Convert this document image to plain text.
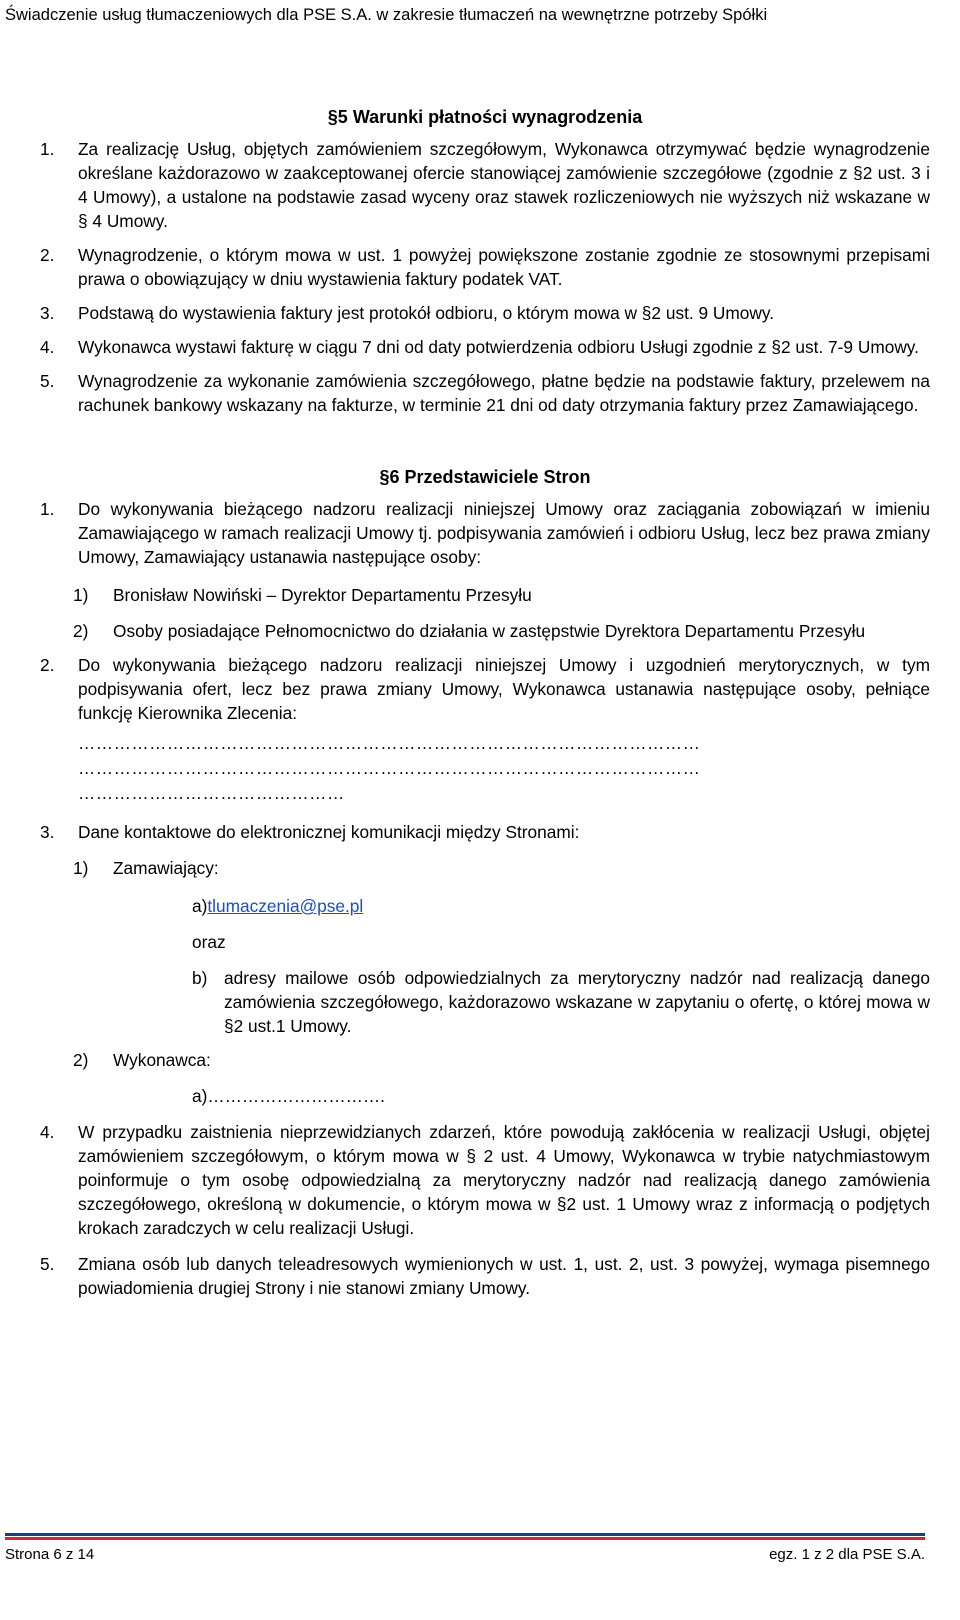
Świadczenie usług tłumaczeniowych dla PSE S.A. w zakresie tłumaczeń na wewnętrzne potrzeby Spółki
§5 Warunki płatności wynagrodzenia
1.	Za realizację Usług, objętych zamówieniem szczegółowym, Wykonawca otrzymywać będzie wynagrodzenie określane każdorazowo w zaakceptowanej ofercie stanowiącej zamówienie szczegółowe (zgodnie z §2 ust. 3 i 4 Umowy), a ustalone na podstawie zasad wyceny oraz stawek rozliczeniowych nie wyższych niż wskazane w § 4 Umowy.
2.	Wynagrodzenie, o którym mowa w ust. 1 powyżej powiększone zostanie zgodnie ze stosownymi przepisami prawa o obowiązujący w dniu wystawienia faktury podatek VAT.
3.	Podstawą do wystawienia faktury jest protokół odbioru, o którym mowa w §2 ust. 9 Umowy.
4.	Wykonawca wystawi fakturę w ciągu 7 dni od daty potwierdzenia odbioru Usługi zgodnie z §2 ust. 7-9 Umowy.
5.	Wynagrodzenie za wykonanie zamówienia szczegółowego, płatne będzie na podstawie faktury, przelewem na rachunek bankowy wskazany na fakturze, w terminie 21 dni od daty otrzymania faktury przez Zamawiającego.
§6 Przedstawiciele Stron
1.	Do wykonywania bieżącego nadzoru realizacji niniejszej Umowy oraz zaciągania zobowiązań w imieniu Zamawiającego w ramach realizacji Umowy tj. podpisywania zamówień i odbioru Usług, lecz bez prawa zmiany Umowy, Zamawiający ustanawia następujące osoby:
1)	Bronisław Nowiński – Dyrektor Departamentu Przesyłu
2)	Osoby posiadające Pełnomocnictwo do działania w zastępstwie Dyrektora Departamentu Przesyłu
2.	Do wykonywania bieżącego nadzoru realizacji niniejszej Umowy i uzgodnień merytorycznych, w tym podpisywania ofert, lecz bez prawa zmiany Umowy, Wykonawca ustanawia następujące osoby, pełniące funkcję Kierownika Zlecenia:
……………………………………………………………………………………………
……………………………………………………………………………………………
………………………………………
3.	Dane kontaktowe do elektronicznej komunikacji między Stronami:
1)	Zamawiający:
a)tlumaczenia@pse.pl
oraz
b) adresy mailowe osób odpowiedzialnych za merytoryczny nadzór nad realizacją danego zamówienia szczegółowego, każdorazowo wskazane w zapytaniu o ofertę, o której mowa w §2 ust.1 Umowy.
2)	Wykonawca:
a)………………………….
4.	W przypadku zaistnienia nieprzewidzianych zdarzeń, które powodują zakłócenia w realizacji Usługi, objętej zamówieniem szczegółowym, o którym mowa w § 2 ust. 4 Umowy, Wykonawca w trybie natychmiastowym poinformuje o tym osobę odpowiedzialną za merytoryczny nadzór nad realizacją danego zamówienia szczegółowego, określoną w dokumencie, o którym mowa w §2 ust. 1 Umowy wraz z informacją o podjętych krokach zaradczych w celu realizacji Usługi.
5.	Zmiana osób lub danych teleadresowych wymienionych w ust. 1, ust. 2, ust. 3 powyżej, wymaga pisemnego powiadomienia drugiej Strony i nie stanowi zmiany Umowy.
Strona 6 z 14	egz. 1 z 2 dla PSE S.A.
